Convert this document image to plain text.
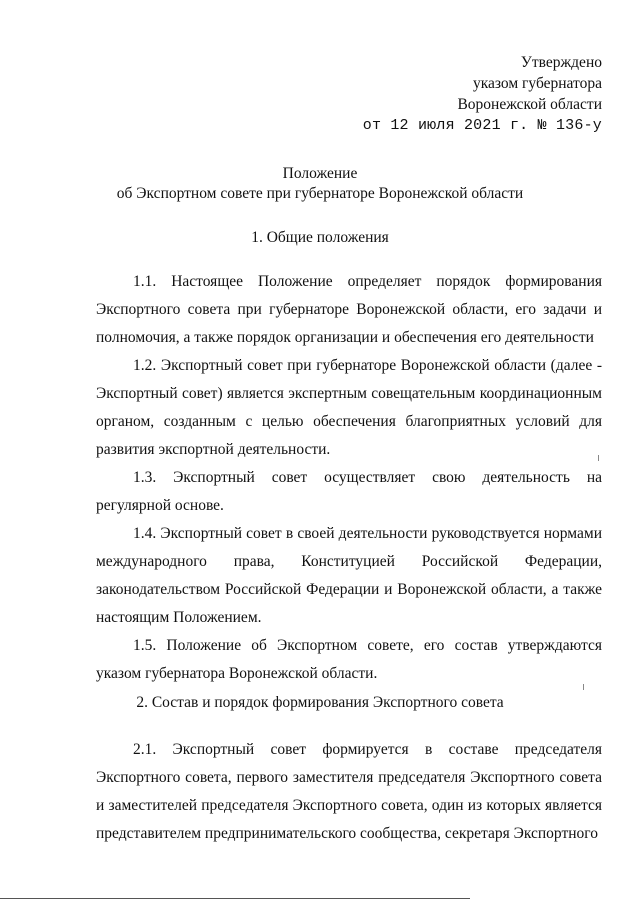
Утверждено
указом губернатора
Воронежской области
от 12 июля 2021 г. № 136-у
Положение
об Экспортном совете при губернаторе Воронежской области
1. Общие положения

1.1. Настоящее Положение определяет порядок формирования Экспортного совета при губернаторе Воронежской области, его задачи и полномочия, а также порядок организации и обеспечения его деятельности

1.2. Экспортный совет при губернаторе Воронежской области (далее - Экспортный совет) является экспертным совещательным координационным органом, созданным с целью обеспечения благоприятных условий для развития экспортной деятельности.

1.3. Экспортный совет осуществляет свою деятельность на регулярной основе.

1.4. Экспортный совет в своей деятельности руководствуется нормами международного права, Конституцией Российской Федерации, законодательством Российской Федерации и Воронежской области, а также настоящим Положением.

1.5. Положение об Экспортном совете, его состав утверждаются указом губернатора Воронежской области.

2. Состав и порядок формирования Экспортного совета

2.1. Экспортный совет формируется в составе председателя Экспортного совета, первого заместителя председателя Экспортного совета и заместителей председателя Экспортного совета, один из которых является представителем предпринимательского сообщества, секретаря Экспортного
